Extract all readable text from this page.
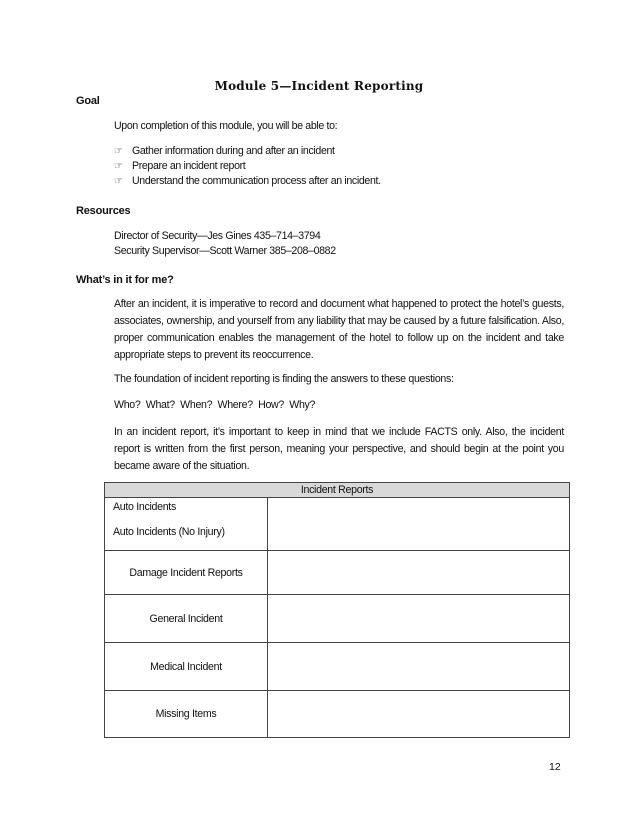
Module 5—Incident Reporting
Goal
Upon completion of this module, you will be able to:
☞ Gather information during and after an incident
☞ Prepare an incident report
☞ Understand the communication process after an incident.
Resources
Director of Security—Jes Gines 435–714–3794
Security Supervisor—Scott Warner 385–208–0882
What’s in it for me?
After an incident, it is imperative to record and document what happened to protect the hotel’s guests, associates, ownership, and yourself from any liability that may be caused by a future falsification. Also, proper communication enables the management of the hotel to follow up on the incident and take appropriate steps to prevent its reoccurrence.
The foundation of incident reporting is finding the answers to these questions:
Who?  What?  When?  Where?  How?  Why?
In an incident report, it’s important to keep in mind that we include FACTS only. Also, the incident report is written from the first person, meaning your perspective, and should begin at the point you became aware of the situation.
Incident Reports	

Auto Incidents
Auto Incidents (No Injury)	

Damage Incident Reports	
General Incident	
Medical Incident	
Missing Items	
12
